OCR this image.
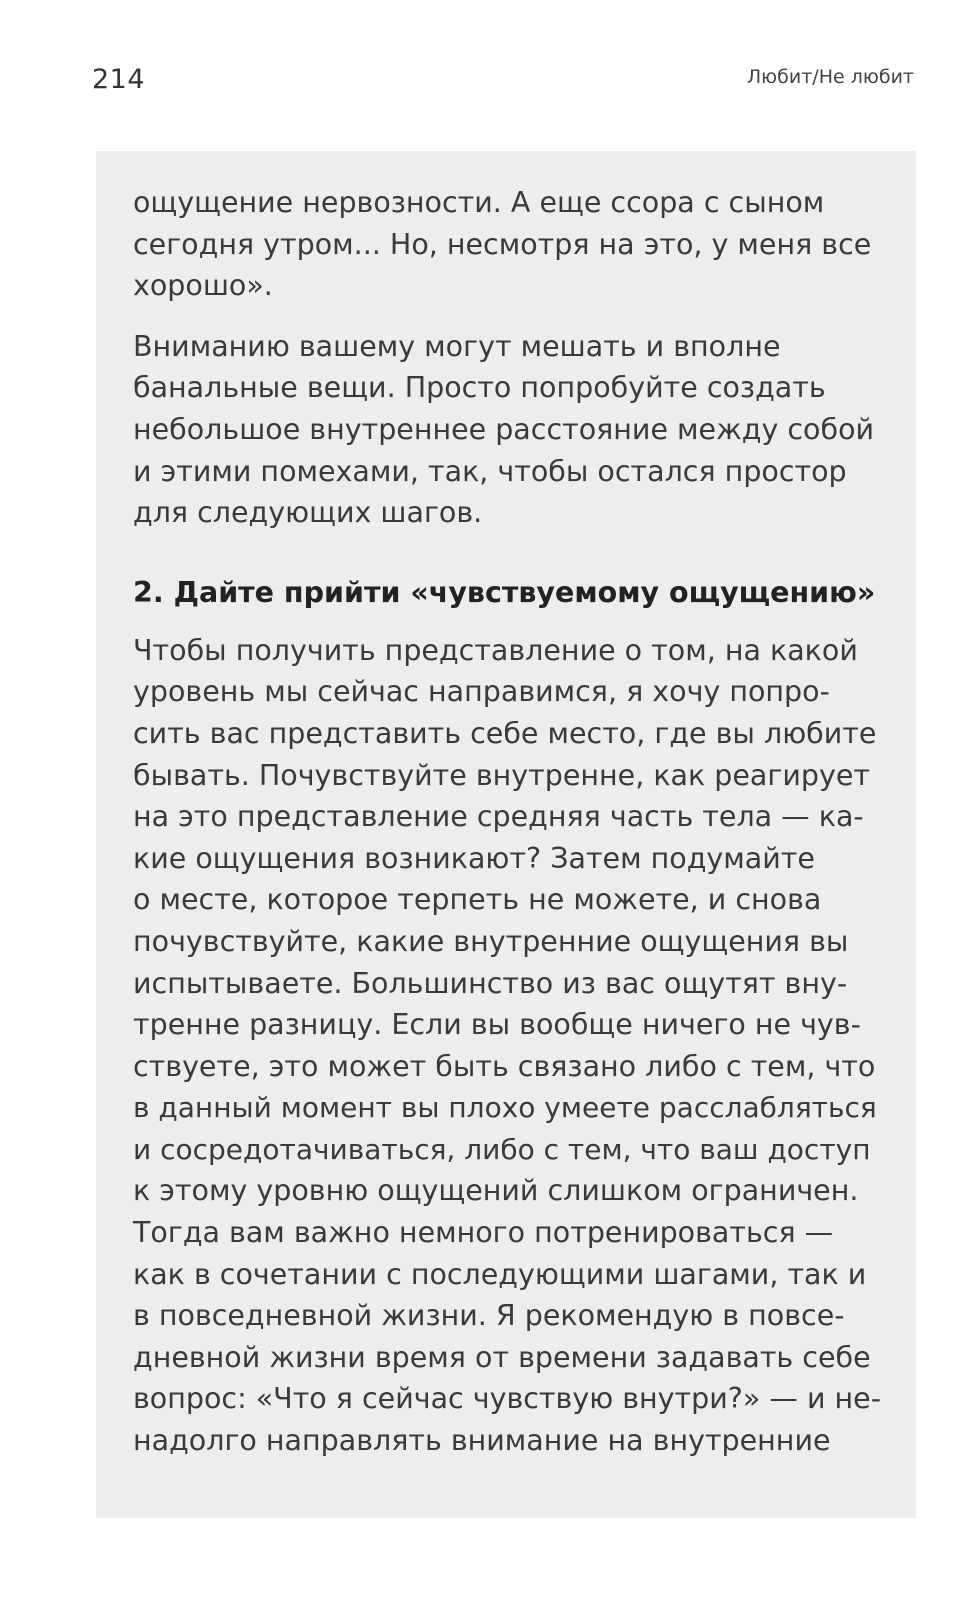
214	Любит/Не любит
ощущение нервозности. А еще ссора с сыном
сегодня утром... Но, несмотря на это, у меня все
хорошо».
Вниманию вашему могут мешать и вполне
банальные вещи. Просто попробуйте создать
небольшое внутреннее расстояние между собой
и этими помехами, так, чтобы остался простор
для следующих шагов.
2. Дайте прийти «чувствуемому ощущению»
Чтобы получить представление о том, на какой
уровень мы сейчас направимся, я хочу попро-
сить вас представить себе место, где вы любите
бывать. Почувствуйте внутренне, как реагирует
на это представление средняя часть тела — ка-
кие ощущения возникают? Затем подумайте
о месте, которое терпеть не можете, и снова
почувствуйте, какие внутренние ощущения вы
испытываете. Большинство из вас ощутят вну-
тренне разницу. Если вы вообще ничего не чув-
ствуете, это может быть связано либо с тем, что
в данный момент вы плохо умеете расслабляться
и сосредотачиваться, либо с тем, что ваш доступ
к этому уровню ощущений слишком ограничен.
Тогда вам важно немного потренироваться —
как в сочетании с последующими шагами, так и
в повседневной жизни. Я рекомендую в повсе-
дневной жизни время от времени задавать себе
вопрос: «Что я сейчас чувствую внутри?» — и не-
надолго направлять внимание на внутренние
